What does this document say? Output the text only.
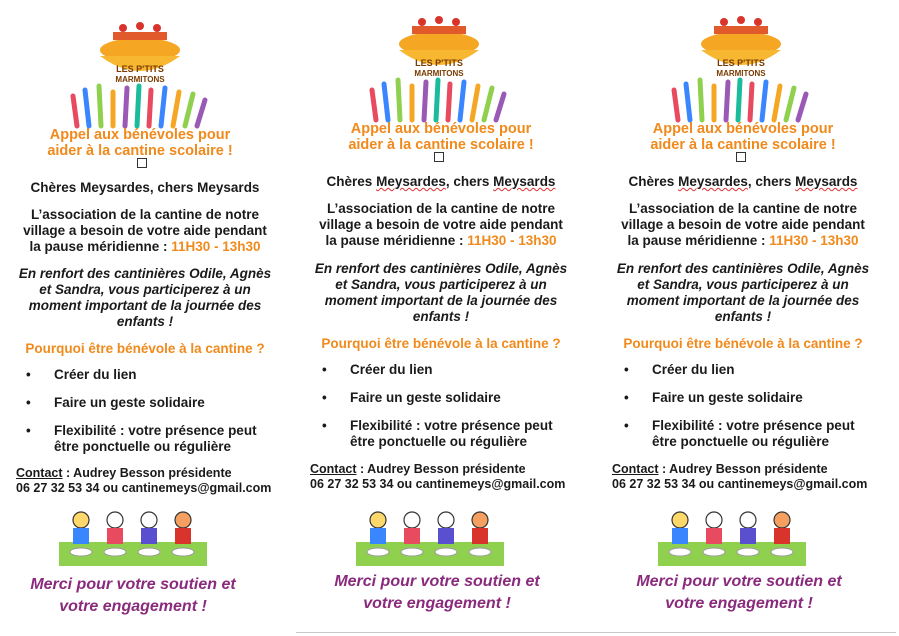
LES P'TITS
MARMITONS
Appel aux bénévoles pour
aider à la cantine scolaire !
Chères Meysardes, chers Meysards
L’association de la cantine de notre
village a besoin de votre aide pendant
la pause méridienne : 11H30 - 13h30
En renfort des cantinières Odile, Agnès
et Sandra, vous participerez à un
moment important de la journée des
enfants !
Pourquoi être bénévole à la cantine ?
• Créer du lien
• Faire un geste solidaire
• Flexibilité : votre présence peut
être ponctuelle ou régulière
Contact : Audrey Besson présidente
06 27 32 53 34 ou cantinemeys@gmail.com
Merci pour votre soutien et
votre engagement !
LES P'TITS
MARMITONS
Appel aux bénévoles pour
aider à la cantine scolaire !
Chères Meysardes, chers Meysards
L’association de la cantine de notre
village a besoin de votre aide pendant
la pause méridienne : 11H30 - 13h30
En renfort des cantinières Odile, Agnès
et Sandra, vous participerez à un
moment important de la journée des
enfants !
Pourquoi être bénévole à la cantine ?
• Créer du lien
• Faire un geste solidaire
• Flexibilité : votre présence peut
être ponctuelle ou régulière
Contact : Audrey Besson présidente
06 27 32 53 34 ou cantinemeys@gmail.com
Merci pour votre soutien et
votre engagement !
LES P'TITS
MARMITONS
Appel aux bénévoles pour
aider à la cantine scolaire !
Chères Meysardes, chers Meysards
L’association de la cantine de notre
village a besoin de votre aide pendant
la pause méridienne : 11H30 - 13h30
En renfort des cantinières Odile, Agnès
et Sandra, vous participerez à un
moment important de la journée des
enfants !
Pourquoi être bénévole à la cantine ?
• Créer du lien
• Faire un geste solidaire
• Flexibilité : votre présence peut
être ponctuelle ou régulière
Contact : Audrey Besson présidente
06 27 32 53 34 ou cantinemeys@gmail.com
Merci pour votre soutien et
votre engagement !
